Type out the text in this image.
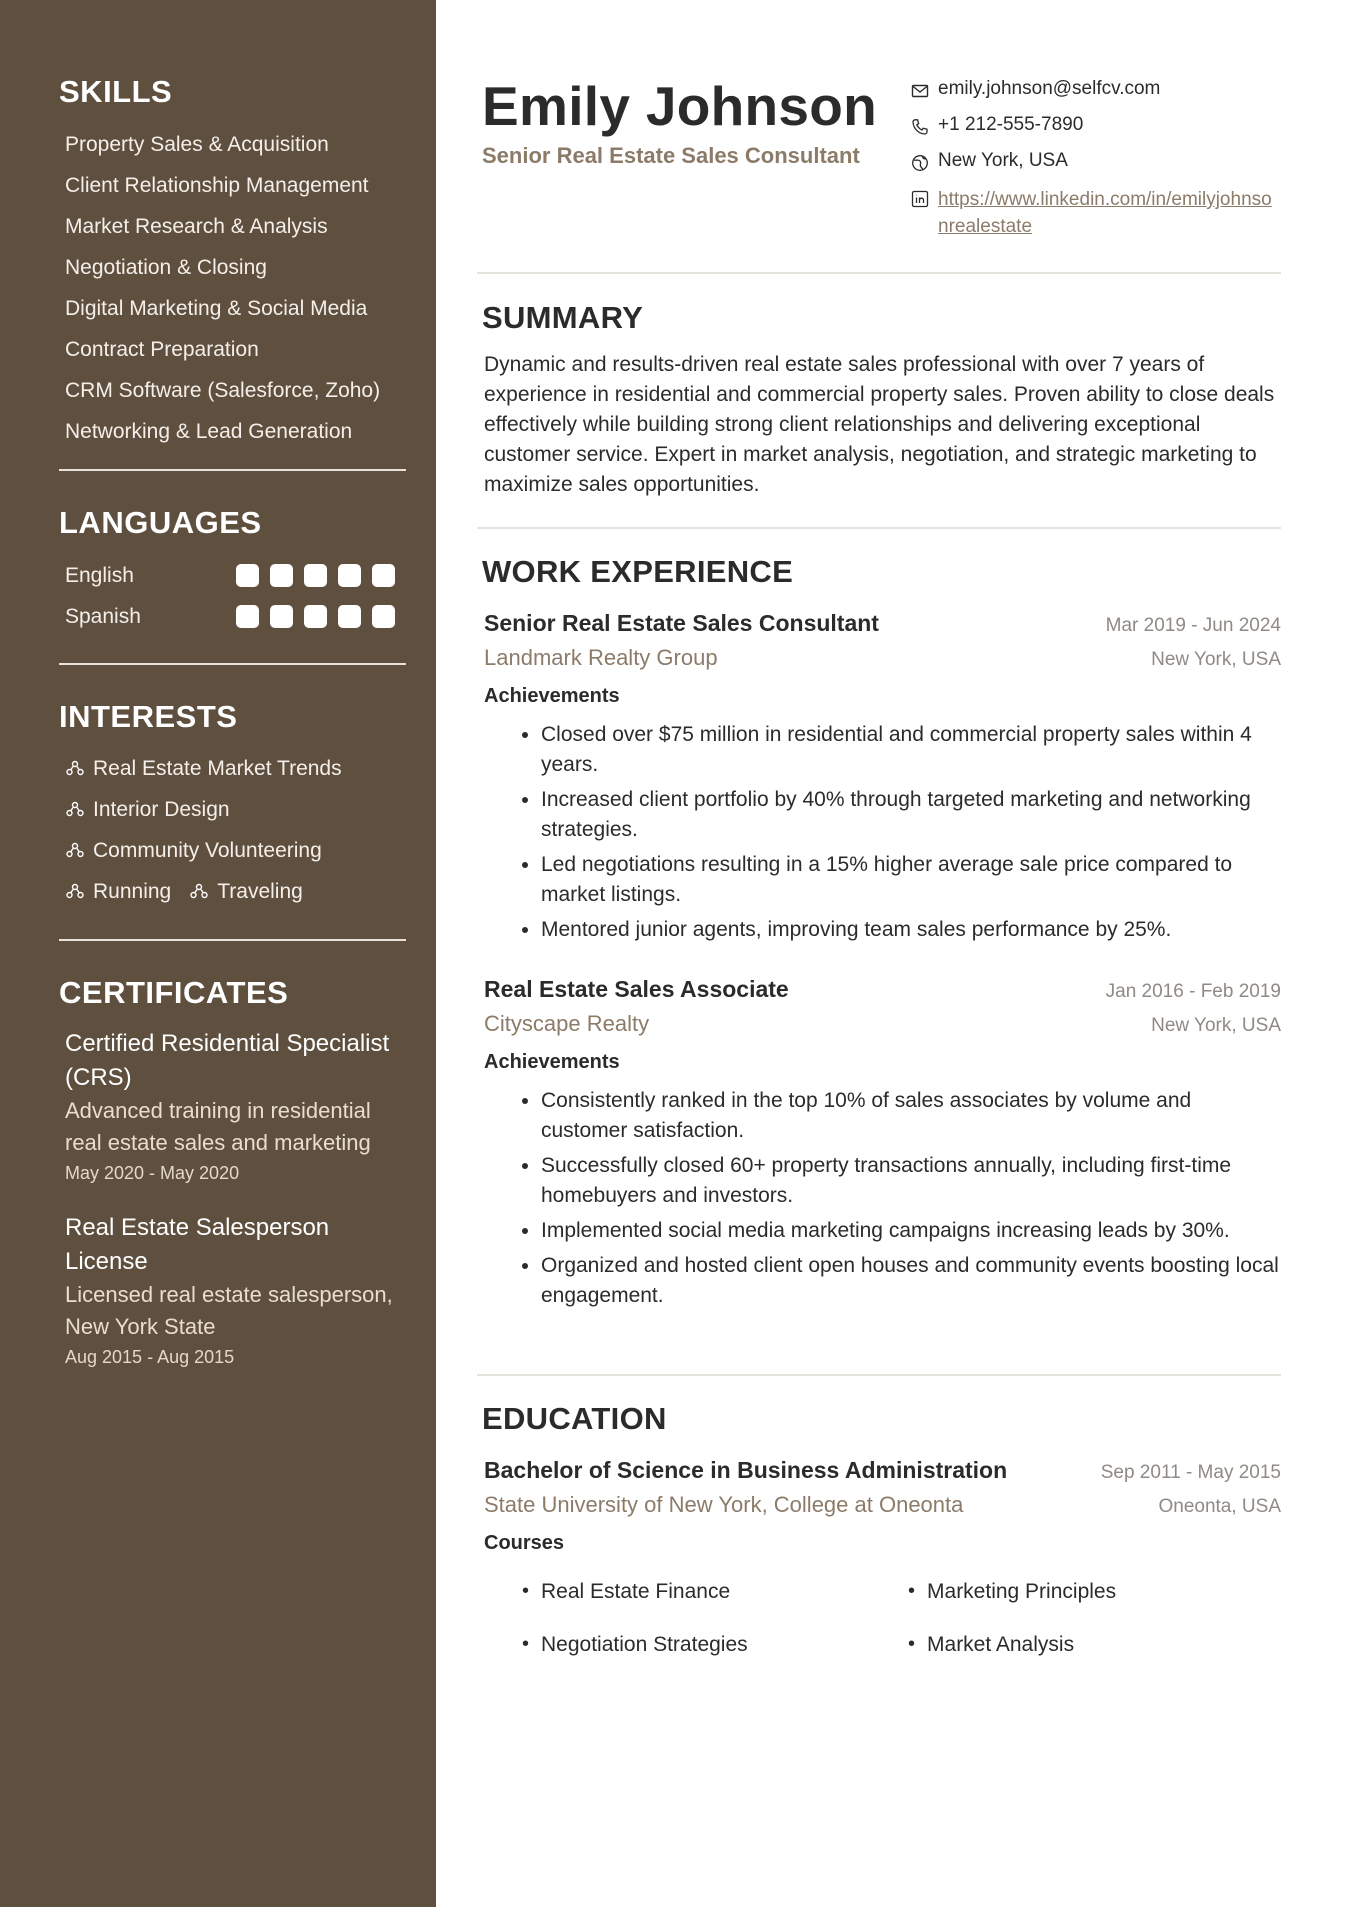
SKILLS
Property Sales & Acquisition
Client Relationship Management
Market Research & Analysis
Negotiation & Closing
Digital Marketing & Social Media
Contract Preparation
CRM Software (Salesforce, Zoho)
Networking & Lead Generation
LANGUAGES
English
Spanish
INTERESTS
Real Estate Market Trends
Interior Design
Community Volunteering
Running Traveling
CERTIFICATES
Certified Residential Specialist (CRS)
Advanced training in residential real estate sales and marketing
May 2020 - May 2020
Real Estate Salesperson License
Licensed real estate salesperson, New York State
Aug 2015 - Aug 2015
Emily Johnson
Senior Real Estate Sales Consultant
emily.johnson@selfcv.com
+1 212-555-7890
New York, USA
https://www.linkedin.com/in/emilyjohnsonrealestate
SUMMARY

Dynamic and results-driven real estate sales professional with over 7 years of experience in residential and commercial property sales. Proven ability to close deals effectively while building strong client relationships and delivering exceptional customer service. Expert in market analysis, negotiation, and strategic marketing to maximize sales opportunities.

WORK EXPERIENCE
Senior Real Estate Sales Consultant	Mar 2019 - Jun 2024
Landmark Realty Group	New York, USA
Achievements
• Closed over $75 million in residential and commercial property sales within 4 years.
• Increased client portfolio by 40% through targeted marketing and networking strategies.
• Led negotiations resulting in a 15% higher average sale price compared to market listings.
• Mentored junior agents, improving team sales performance by 25%.
Real Estate Sales Associate	Jan 2016 - Feb 2019
Cityscape Realty	New York, USA
Achievements
• Consistently ranked in the top 10% of sales associates by volume and customer satisfaction.
• Successfully closed 60+ property transactions annually, including first-time homebuyers and investors.
• Implemented social media marketing campaigns increasing leads by 30%.
• Organized and hosted client open houses and community events boosting local engagement.
EDUCATION
Bachelor of Science in Business Administration	Sep 2011 - May 2015
State University of New York, College at Oneonta	Oneonta, USA
Courses
• Real Estate Finance	• Marketing Principles
• Negotiation Strategies	• Market Analysis
